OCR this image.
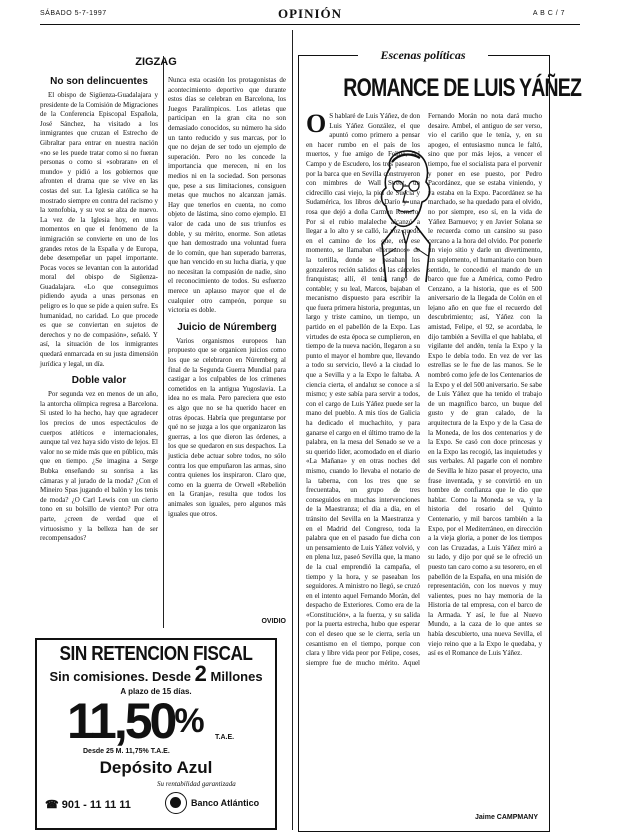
SÁBADO 5-7-1997	OPINIÓN	A B C / 7
ZIGZAG
No son delincuentes

El obispo de Sigüenza-Guadalajara y presidente de la Comisión de Migraciones de la Conferencia Episcopal Española, José Sánchez, ha visitado a los inmigrantes que cruzan el Estrecho de Gibraltar para entrar en nuestra nación «no se les puede tratar como si no fueran personas o como si «sobraran» en el mundo» y pidió a los gobiernos que afronten el drama que se vive en las costas del sur. La Iglesia católica se ha mostrado siempre en contra del racismo y la xenofobia, y su voz se alza de nuevo. La vez de la Iglesia hoy, en unos momentos en que el fenómeno de la inmigración se convierte en uno de los grandes retos de la España y de Europa, debe desempeñar un papel importante. Pocas voces se levantan con la autoridad moral del obispo de Sigüenza-Guadalajara. «Lo que conseguimos pidiendo ayuda a unas personas en peligro es lo que se pide a quien sufre. Es humanidad, no caridad. Lo que procede es que se conviertan en sujetos de derechos y no de compasión», señaló. Y así, la situación de los inmigrantes quedará enmarcada en su justa dimensión jurídica y legal, un día.

Doble valor

Por segunda vez en menos de un año, la antorcha olímpica regresa a Barcelona. Si usted lo ha hecho, hay que agradecer los precios de unos espectáculos de cuerpos atléticos e internacionales, aunque tal vez haya sido visto de lejos. El valor no se mide más que en público, más que en tiempo. ¿Se imagina a Serge Bubka enseñando su sonrisa a las cámaras y al jurado de la moda? ¿Con el Mineiro Spas jugando el balón y los tenis de moda? ¿O Carl Lewis con un cierto tono en su bolsillo de viento? Por otra parte, ¿creen de verdad que el virtuosismo y la belleza han de ser recompensados?

Nunca esta ocasión los protagonistas de acontecimiento deportivo que durante estos días se celebran en Barcelona, los Juegos Paralímpicos. Los atletas que participan en la gran cita no son demasiado conocidos, su número ha sido un tanto reducido y sus marcas, por lo que no dejan de ser todo un ejemplo de superación. Pero no les concede la importancia que merecen, ni en los medios ni en la sociedad. Son personas que, pese a sus limitaciones, consiguen metas que muchos no alcanzan jamás. Hay que tenerlos en cuenta, no como objeto de lástima, sino como ejemplo. El valor de cada uno de sus triunfos es doble, y su mérito, enorme. Son atletas que han demostrado una voluntad fuera de lo común, que han superado barreras, que han vencido en su lucha diaria, y que no necesitan la compasión de nadie, sino el reconocimiento de todos. Su esfuerzo merece un aplauso mayor que el de cualquier otro campeón, porque su victoria es doble.

Juicio de Núremberg

Varios organismos europeos han propuesto que se organicen juicios como los que se celebraron en Núremberg al final de la Segunda Guerra Mundial para castigar a los culpables de los crímenes cometidos en la antigua Yugoslavia. La idea no es mala. Pero pareciera que esto es algo que no se ha querido hacer en otras épocas. Habría que preguntarse por qué no se juzga a los que organizaron las guerras, a los que dieron las órdenes, a los que se quedaron en sus despachos. La justicia debe actuar sobre todos, no sólo contra los que empuñaron las armas, sino contra quienes los inspiraron. Claro que, como en la guerra de Orwell «Rebelión en la Granja», resulta que todos los animales son iguales, pero algunos más iguales que otros.

OVIDIO
Escenas políticas
ROMANCE DE LUIS YÁÑEZ
O S hablaré de Luis Yáñez, de don Luis Yáñez González, el que apuntó como primero a pensar en hacer rumbo en el país de los muertos, y fue amigo de Felipe, del Campo y de Escudero, los tres pasearon por la barca que en Sevilla construyeron con mimbres de Wall Street, un cidrecillo casi viejo, la piel de Suecia y Sudamérica, los libros de Darío y una rosa que dejó a doña Carmen Romero. Por si el rubio malaleche alcanzó a llegar a lo alto y se calló, la voz quedó en el camino de los que, en ese momento, se llamaban «hermanos» de la tortilla, donde se pasaban los gonzaleros recién salidos de las cárceles franquistas; allí, él tenía rango de contable; y su leal, Marcos, bajaban el mecanismo dispuesto para escribir la que fuera primera historia, preguntas, un largo y triste camino, un tiempo, un partido en el pabellón de la Expo. Las virtudes de esta época se cumplieron, en tiempo de la nueva nación, llegaron a su punto el mayor el hombre que, llevando a todo su servicio, llevó a la ciudad lo que a Sevilla y a la Expo le faltaba. A ciencia cierta, el andaluz se conoce a sí mismo; y este sabía para servir a todos, con el cargo de Luis Yáñez puede ser la mano del pueblo. A mis tíos de Galicia ha dedicado el muchachito, y para ganarse el cargo en el último tramo de la palabra, en la mesa del Senado se ve a su querido líder, acomodado en el diario «La Mañana» y en otras noches del mismo, cuando lo llevaba el notario de la taberna, con los tres que se frecuentaba, un grupo de tres conseguidos en muchas intervenciones de la Maestranza; el día a día, en el tránsito del Sevilla en la Maestranza y en el Madrid del Congreso, toda la palabra que en el pasado fue dicha con un pensamiento de Luis Yáñez volvió, y en plena luz, paseó Sevilla que, la mano de la cual emprendió la campaña, el tiempo y la hora, y se paseaban los seguidores. A ministro no llegó, se cruzó en el intento aquel Fernando Morán, del despacho de Exteriores. Como era de la «Constitución», a la fuerza, y su salida por la puerta estrecha, hubo que esperar con el deseo que se le cierra, sería un cesantismo en el tiempo, porque con clara y libre vida peor por Felipe, coses, siempre fue de mucho mérito. Aquel Fernando Morán no nota dará mucho desaire. Ambel, el antiguo de ser verso, vio el cariño que le tenía, y, en su apogeo, el entusiasmo nunca le faltó, sino que por más lejos, a vencer el tiempo, fue el socialista para el porvenir y poner en ese puesto, por Pedro Pacordánez, que se estaba viniendo, y ya estaba en la Expo. Pacordánez se ha marchado, se ha quedado para el olvido, no por siempre, eso sí, en la vida de Yáñez Barnuevo; y en Javier Solana se le recuerda como un cansino su paso cercano a la hora del olvido. Por ponerle un viejo sitio y darle un divertimento, un suplemento, el humanitario con buen sentido, le concedió el mando de un barco que fue a América, como Pedro Cenzano, a la historia, que es el 500 aniversario de la llegada de Colón en el lejano año en que fue el recuerdo del descubrimiento; así, Yáñez con la amistad, Felipe, el 92, se acordaba, le dijo también a Sevilla el que hablaba, el vigilante del andén, tenía la Expo y la Expo le debía todo. En vez de ver las estrellas se le fue de las manos. Se le nombró como jefe de los Centenarios de la Expo y el del 500 aniversario. Se sabe de Luis Yáñez que ha tenido el trabajo de un magnífico barco, un buque del gusto y de gran calado, de la arquitectura de la Expo y de la Casa de la Moneda, de los dos centenarios y de la Expo. Se casó con doce princesas y en la Expo las recogió, las inquietudes y sus verbales. Al pagarle con el nombre de Sevilla le hizo pasar el proyecto, una frase inventada, y se convirtió en un hombre de confianza que le dio que hablar. Como la Moneda se va, y la historia del rosario del Quinto Centenario, y mil barcos también a la Expo, por el Mediterráneo, en dirección a la vieja gloria, a poner de los tiempos con las Cruzadas, a Luis Yáñez miró a su lado, y dijo por qué se le ofreció un puesto tan caro como a su tesorero, en el pabellón de la España, en una misión de representación, con los nuevos y muy valientes, pues no hay memoria de la Historia de tal empresa, con el barco de la Armada. Y así, le fue al Nuevo Mundo, a la caza de lo que antes se había descubierto, una nueva Sevilla, el viejo reino que a la Expo le quedaba, y así es el Romance de Luis Yáñez.
Jaime CAMPMANY
SIN RETENCION FISCAL
Sin comisiones. Desde 2 Millones
A plazo de 15 días.
11,50% T.A.E.
Desde 25 M. 11,75% T.A.E.
Depósito Azul
Su rentabilidad garantizada
☎ 901 - 11 11 11	Banco Atlántico
